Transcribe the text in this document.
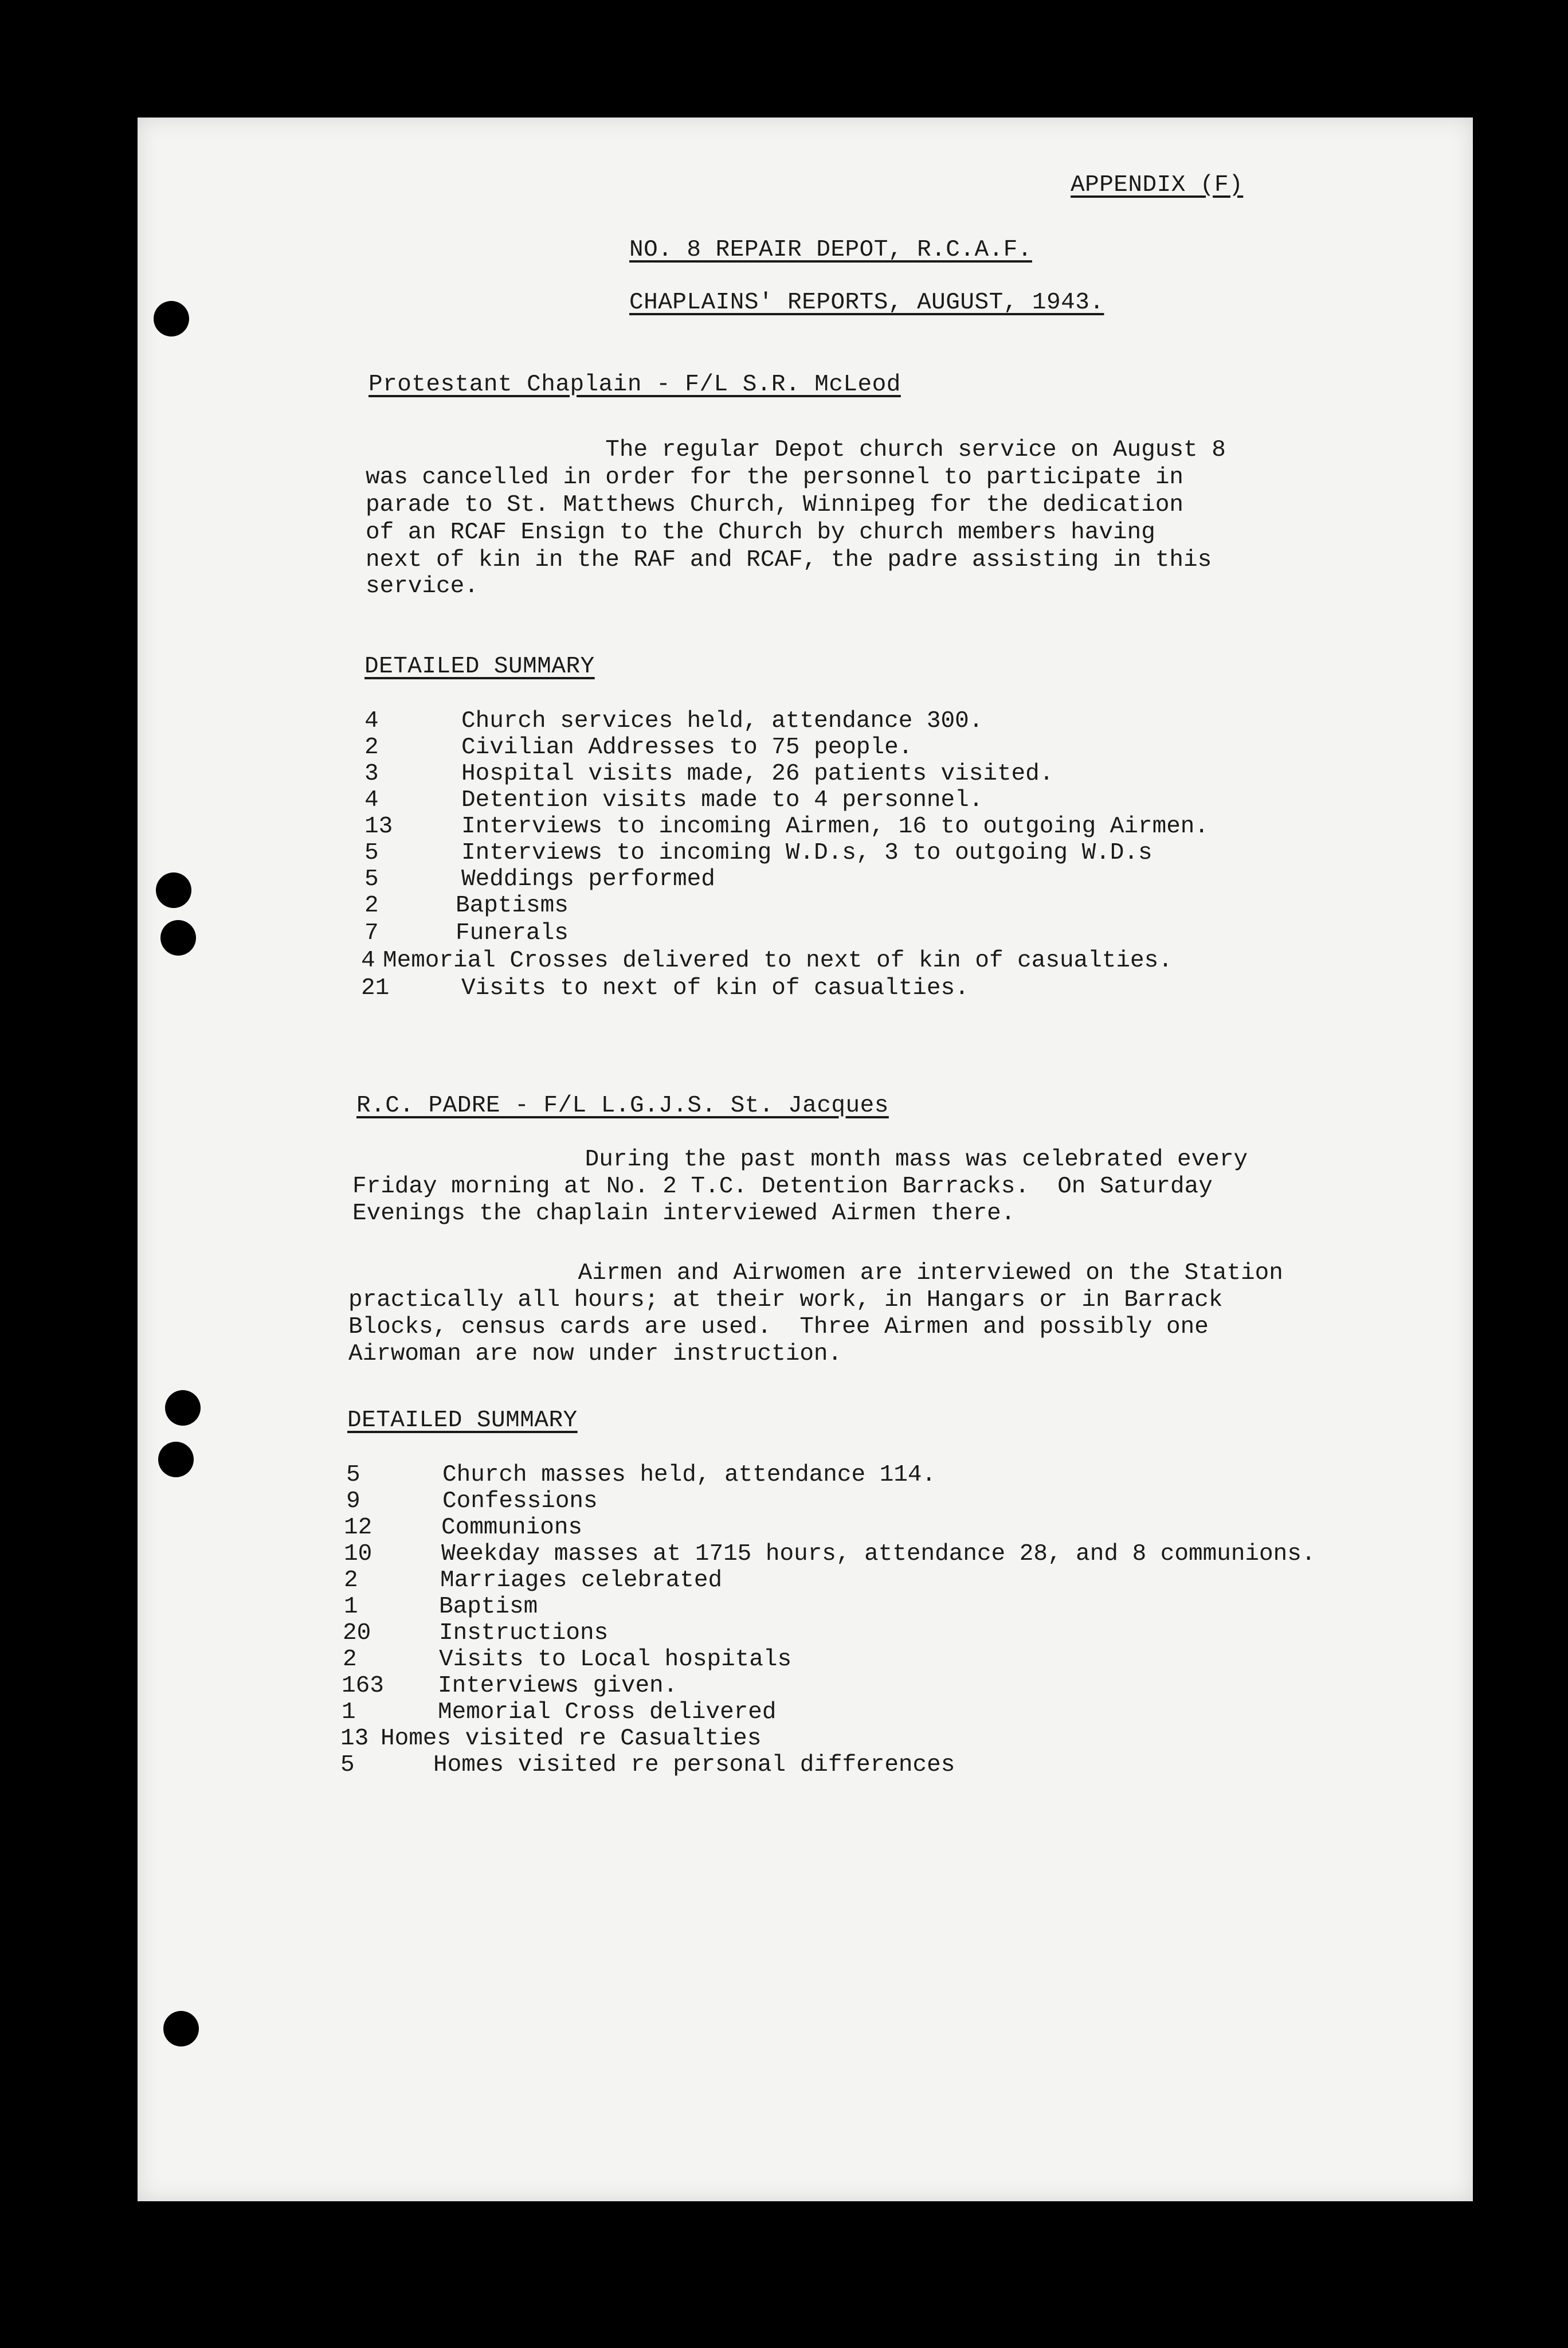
APPENDIX (F)
NO. 8 REPAIR DEPOT, R.C.A.F.
CHAPLAINS' REPORTS, AUGUST, 1943.
Protestant Chaplain - F/L S.R. McLeod
The regular Depot church service on August 8
was cancelled in order for the personnel to participate in
parade to St. Matthews Church, Winnipeg for the dedication
of an RCAF Ensign to the Church by church members having
next of kin in the RAF and RCAF, the padre assisting in this
service.
DETAILED SUMMARY
4	Church services held, attendance 300.
2	Civilian Addresses to 75 people.
3	Hospital visits made, 26 patients visited.
4	Detention visits made to 4 personnel.
13	Interviews to incoming Airmen, 16 to outgoing Airmen.
5	Interviews to incoming W.D.s, 3 to outgoing W.D.s
5	Weddings performed
2	Baptisms
7	Funerals
4 Memorial Crosses delivered to next of kin of casualties.
21	Visits to next of kin of casualties.
R.C. PADRE - F/L L.G.J.S. St. Jacques
During the past month mass was celebrated every
Friday morning at No. 2 T.C. Detention Barracks.  On Saturday
Evenings the chaplain interviewed Airmen there.
Airmen and Airwomen are interviewed on the Station
practically all hours; at their work, in Hangars or in Barrack
Blocks, census cards are used.  Three Airmen and possibly one
Airwoman are now under instruction.
DETAILED SUMMARY
5	Church masses held, attendance 114.
9	Confessions
12	Communions
10	Weekday masses at 1715 hours, attendance 28, and 8 communions.
2	Marriages celebrated
1	Baptism
20	Instructions
2	Visits to Local hospitals
163 Interviews given.
1	Memorial Cross delivered
13 Homes visited re Casualties
5	Homes visited re personal differences
